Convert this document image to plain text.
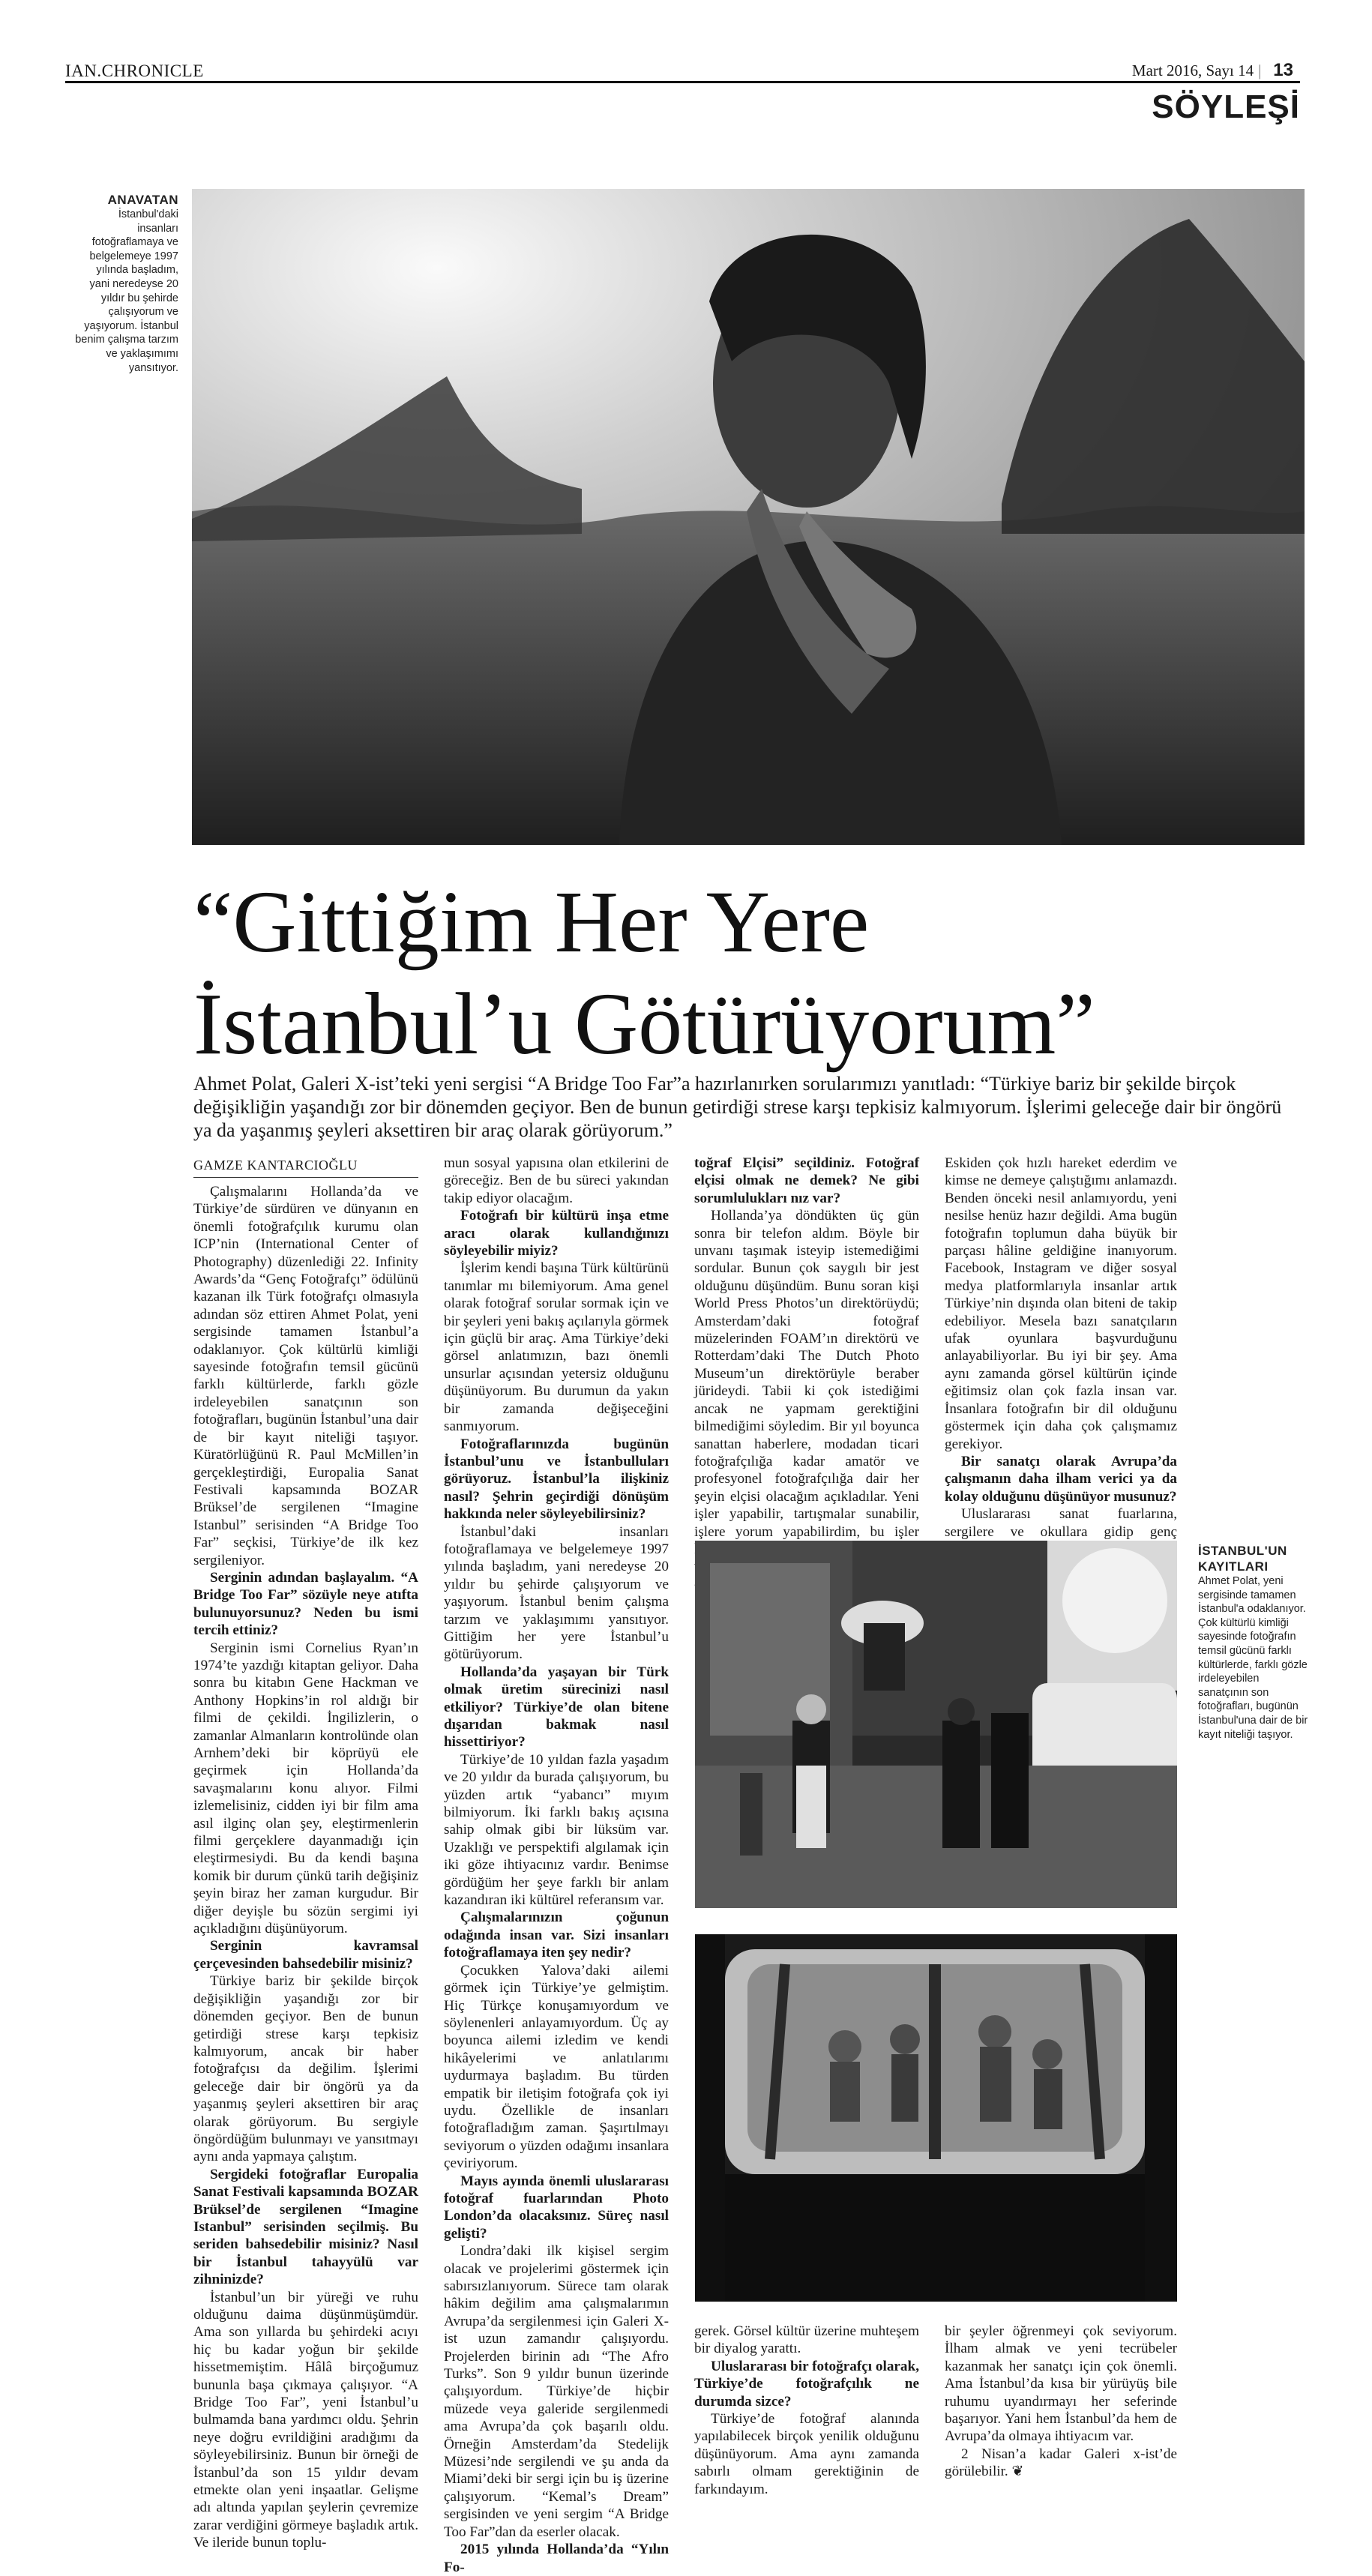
IAN.CHRONICLE	Mart 2016, Sayı 14 | 13
SÖYLEŞİ
ANAVATAN
İstanbul'daki insanları fotoğraflamaya ve belgelemeye 1997 yılında başladım, yani neredeyse 20 yıldır bu şehirde çalışıyorum ve yaşıyorum. İstanbul benim çalışma tarzım ve yaklaşımımı yansıtıyor.
“Gittiğim Her Yere
İstanbul’u Götürüyorum”
Ahmet Polat, Galeri X-ist’teki yeni sergisi “A Bridge Too Far”a hazırlanırken sorularımızı yanıtladı: “Türkiye bariz bir şekilde birçok değişikliğin yaşandığı zor bir dönemden geçiyor. Ben de bunun getirdiği strese karşı tepkisiz kalmıyorum. İşlerimi geleceğe dair bir öngörü ya da yaşanmış şeyleri aksettiren bir araç olarak görüyorum.”
GAMZE KANTARCIOĞLU

Çalışmalarını Hollanda’da ve Türkiye’de sürdüren ve dünyanın en önemli fotoğrafçılık kurumu olan ICP’nin (International Center of Photography) düzenlediği 22. Infinity Awards’da “Genç Fotoğrafçı” ödülünü kazanan ilk Türk fotoğrafçı olmasıyla adından söz ettiren Ahmet Polat, yeni sergisinde tamamen İstanbul’a odaklanıyor. Çok kültürlü kimliği sayesinde fotoğrafın temsil gücünü farklı kültürlerde, farklı gözle irdeleyebilen sanatçının son fotoğrafları, bugünün İstanbul’una dair de bir kayıt niteliği taşıyor. Küratörlüğünü R. Paul McMillen’in gerçekleştirdiği, Europalia Sanat Festivali kapsamında BOZAR Brüksel’de sergilenen “Imagine Istanbul” serisinden “A Bridge Too Far” seçkisi, Türkiye’de ilk kez sergileniyor.

Serginin adından başlayalım. “A Bridge Too Far” sözüyle neye atıfta bulunuyorsunuz? Neden bu ismi tercih ettiniz?

Serginin ismi Cornelius Ryan’ın 1974’te yazdığı kitaptan geliyor. Daha sonra bu kitabın Gene Hackman ve Anthony Hopkins’in rol aldığı bir filmi de çekildi. İngilizlerin, o zamanlar Almanların kontrolünde olan Arnhem’deki bir köprüyü ele geçirmek için Hollanda’da savaşmalarını konu alıyor. Filmi izlemelisiniz, cidden iyi bir film ama asıl ilginç olan şey, eleştirmenlerin filmi gerçeklere dayanmadığı için eleştirmesiydi. Bu da kendi başına komik bir durum çünkü tarih değişiniz şeyin biraz her zaman kurgudur. Bir diğer deyişle bu sözün sergimi iyi açıkladığını düşünüyorum.

Serginin kavramsal çerçevesinden bahsedebilir misiniz?

Türkiye bariz bir şekilde birçok değişikliğin yaşandığı zor bir dönemden geçiyor. Ben de bunun getirdiği strese karşı tepkisiz kalmıyorum, ancak bir haber fotoğrafçısı da değilim. İşlerimi geleceğe dair bir öngörü ya da yaşanmış şeyleri aksettiren bir araç olarak görüyorum. Bu sergiyle öngördüğüm bulunmayı ve yansıtmayı aynı anda yapmaya çalıştım.

Sergideki fotoğraflar Europalia Sanat Festivali kapsamında BOZAR Brüksel’de sergilenen “Imagine Istanbul” serisinden seçilmiş. Bu seriden bahsedebilir misiniz? Nasıl bir İstanbul tahayyülü var zihninizde?

İstanbul’un bir yüreği ve ruhu olduğunu daima düşünmüşümdür. Ama son yıllarda bu şehirdeki acıyı hiç bu kadar yoğun bir şekilde hissetmemiştim. Hâlâ birçoğumuz bununla başa çıkmaya çalışıyor. “A Bridge Too Far”, yeni İstanbul’u bulmamda bana yardımcı oldu. Şehrin neye doğru evrildiğini aradığımı da söyleyebilirsiniz. Bunun bir örneği de İstanbul’da son 15 yıldır devam etmekte olan yeni inşaatlar. Gelişme adı altında yapılan şeylerin çevremize zarar verdiğini görmeye başladık artık. Ve ileride bunun toplu-

mun sosyal yapısına olan etkilerini de göreceğiz. Ben de bu süreci yakından takip ediyor olacağım.

Fotoğrafı bir kültürü inşa etme aracı olarak kullandığınızı söyleyebilir miyiz?

İşlerim kendi başına Türk kültürünü tanımlar mı bilemiyorum. Ama genel olarak fotoğraf sorular sormak için ve bir şeyleri yeni bakış açılarıyla görmek için güçlü bir araç. Ama Türkiye’deki görsel anlatımızın, bazı önemli unsurlar açısından yetersiz olduğunu düşünüyorum. Bu durumun da yakın bir zamanda değişeceğini sanmıyorum.

Fotoğraflarınızda bugünün İstanbul’unu ve İstanbulluları görüyoruz. İstanbul’la ilişkiniz nasıl? Şehrin geçirdiği dönüşüm hakkında neler söyleyebilirsiniz?

İstanbul’daki insanları fotoğraflamaya ve belgelemeye 1997 yılında başladım, yani neredeyse 20 yıldır bu şehirde çalışıyorum ve yaşıyorum. İstanbul benim çalışma tarzım ve yaklaşımımı yansıtıyor. Gittiğim her yere İstanbul’u götürüyorum.

Hollanda’da yaşayan bir Türk olmak üretim sürecinizi nasıl etkiliyor? Türkiye’de olan bitene dışarıdan bakmak nasıl hissettiriyor?

Türkiye’de 10 yıldan fazla yaşadım ve 20 yıldır da burada çalışıyorum, bu yüzden artık “yabancı” mıyım bilmiyorum. İki farklı bakış açısına sahip olmak gibi bir lüksüm var. Uzaklığı ve perspektifi algılamak için iki göze ihtiyacınız vardır. Benimse gördüğüm her şeye farklı bir anlam kazandıran iki kültürel referansım var.

Çalışmalarınızın çoğunun odağında insan var. Sizi insanları fotoğraflamaya iten şey nedir?

Çocukken Yalova’daki ailemi görmek için Türkiye’ye gelmiştim. Hiç Türkçe konuşamıyordum ve söylenenleri anlayamıyordum. Üç ay boyunca ailemi izledim ve kendi hikâyelerimi ve anlatılarımı uydurmaya başladım. Bu türden empatik bir iletişim fotoğrafa çok iyi uydu. Özellikle de insanları fotoğrafladığım zaman. Şaşırtılmayı seviyorum o yüzden odağımı insanlara çeviriyorum.

Mayıs ayında önemli uluslararası fotoğraf fuarlarından Photo London’da olacaksınız. Süreç nasıl gelişti?

Londra’daki ilk kişisel sergim olacak ve projelerimi göstermek için sabırsızlanıyorum. Sürece tam olarak hâkim değilim ama çalışmalarımın Avrupa’da sergilenmesi için Galeri X-ist uzun zamandır çalışıyordu. Projelerden birinin adı “The Afro Turks”. Son 9 yıldır bunun üzerinde çalışıyordum. Türkiye’de hiçbir müzede veya galeride sergilenmedi ama Avrupa’da çok başarılı oldu. Örneğin Amsterdam’da Stedelijk Müzesi’nde sergilendi ve şu anda da Miami’deki bir sergi için bu iş üzerine çalışıyorum. “Kemal’s Dream” sergisinden ve yeni sergim “A Bridge Too Far”dan da eserler olacak.

2015 yılında Hollanda’da “Yılın Fo-

toğraf Elçisi” seçildiniz. Fotoğraf elçisi olmak ne demek? Ne gibi sorumlulukları nız var?

Hollanda’ya döndükten üç gün sonra bir telefon aldım. Böyle bir unvanı taşımak isteyip istemediğimi sordular. Bunun çok saygılı bir jest olduğunu düşündüm. Bunu soran kişi World Press Photos’un direktörüydü; Amsterdam’daki fotoğraf müzelerinden FOAM’ın direktörü ve Rotterdam’daki The Dutch Photo Museum’un direktörüyle beraber jürideydi. Tabii ki çok istediğimi ancak ne yapmam gerektiğini bilmediğimi söyledim. Bir yıl boyunca sanattan haberlere, modadan ticari fotoğrafçılığa kadar amatör ve profesyonel fotoğrafçılığa dair her şeyin elçisi olacağım açıkladılar. Yeni işler yapabilir, tartışmalar sunabilir, işlere yorum yapabilirdim, bu işler

Eskiden çok hızlı hareket ederdim ve kimse ne demeye çalıştığımı anlamazdı. Benden önceki nesil anlamıyordu, yeni nesilse henüz hazır değildi. Ama bugün fotoğrafın toplumun daha büyük bir parçası hâline geldiğine inanıyorum. Facebook, Instagram ve diğer sosyal medya platformlarıyla insanlar artık Türkiye’nin dışında olan biteni de takip edebiliyor. Mesela bazı sanatçıların ufak oyunlara başvurduğunu anlayabiliyorlar. Bu iyi bir şey. Ama aynı zamanda görsel kültürün içinde eğitimsiz olan çok fazla insan var. İnsanlara fotoğrafın bir dil olduğunu göstermek için daha çok çalışmamız gerekiyor.

Bir sanatçı olarak Avrupa’da çalışmanın daha ilham verici ya da kolay olduğunu düşünüyor musunuz?

Uluslararası sanat fuarlarına, sergilere ve okullara gidip genç

İSTANBUL'UN KAYITLARI
Ahmet Polat, yeni sergisinde tamamen İstanbul'a odaklanıyor. Çok kültürlü kimliği sayesinde fotoğrafın temsil gücünü farklı kültürlerde, farklı gözle irdeleyebilen sanatçının son fotoğrafları, bugünün İstanbul'una dair de bir kayıt niteliği taşıyor.

gerek. Görsel kültür üzerine muhteşem bir diyalog yarattı.

Uluslararası bir fotoğrafçı olarak, Türkiye’de fotoğrafçılık ne durumda sizce?

Türkiye’de fotoğraf alanında yapılabilecek birçok yenilik olduğunu düşünüyorum. Ama aynı zamanda sabırlı olmam gerektiğinin de farkındayım.

bir şeyler öğrenmeyi çok seviyorum. İlham almak ve yeni tecrübeler kazanmak her sanatçı için çok önemli. Ama İstanbul’da kısa bir yürüyüş bile ruhumu uyandırmayı her seferinde başarıyor. Yani hem İstanbul’da hem de Avrupa’da olmaya ihtiyacım var.

2 Nisan’a kadar Galeri x-ist’de görülebilir. ❦
